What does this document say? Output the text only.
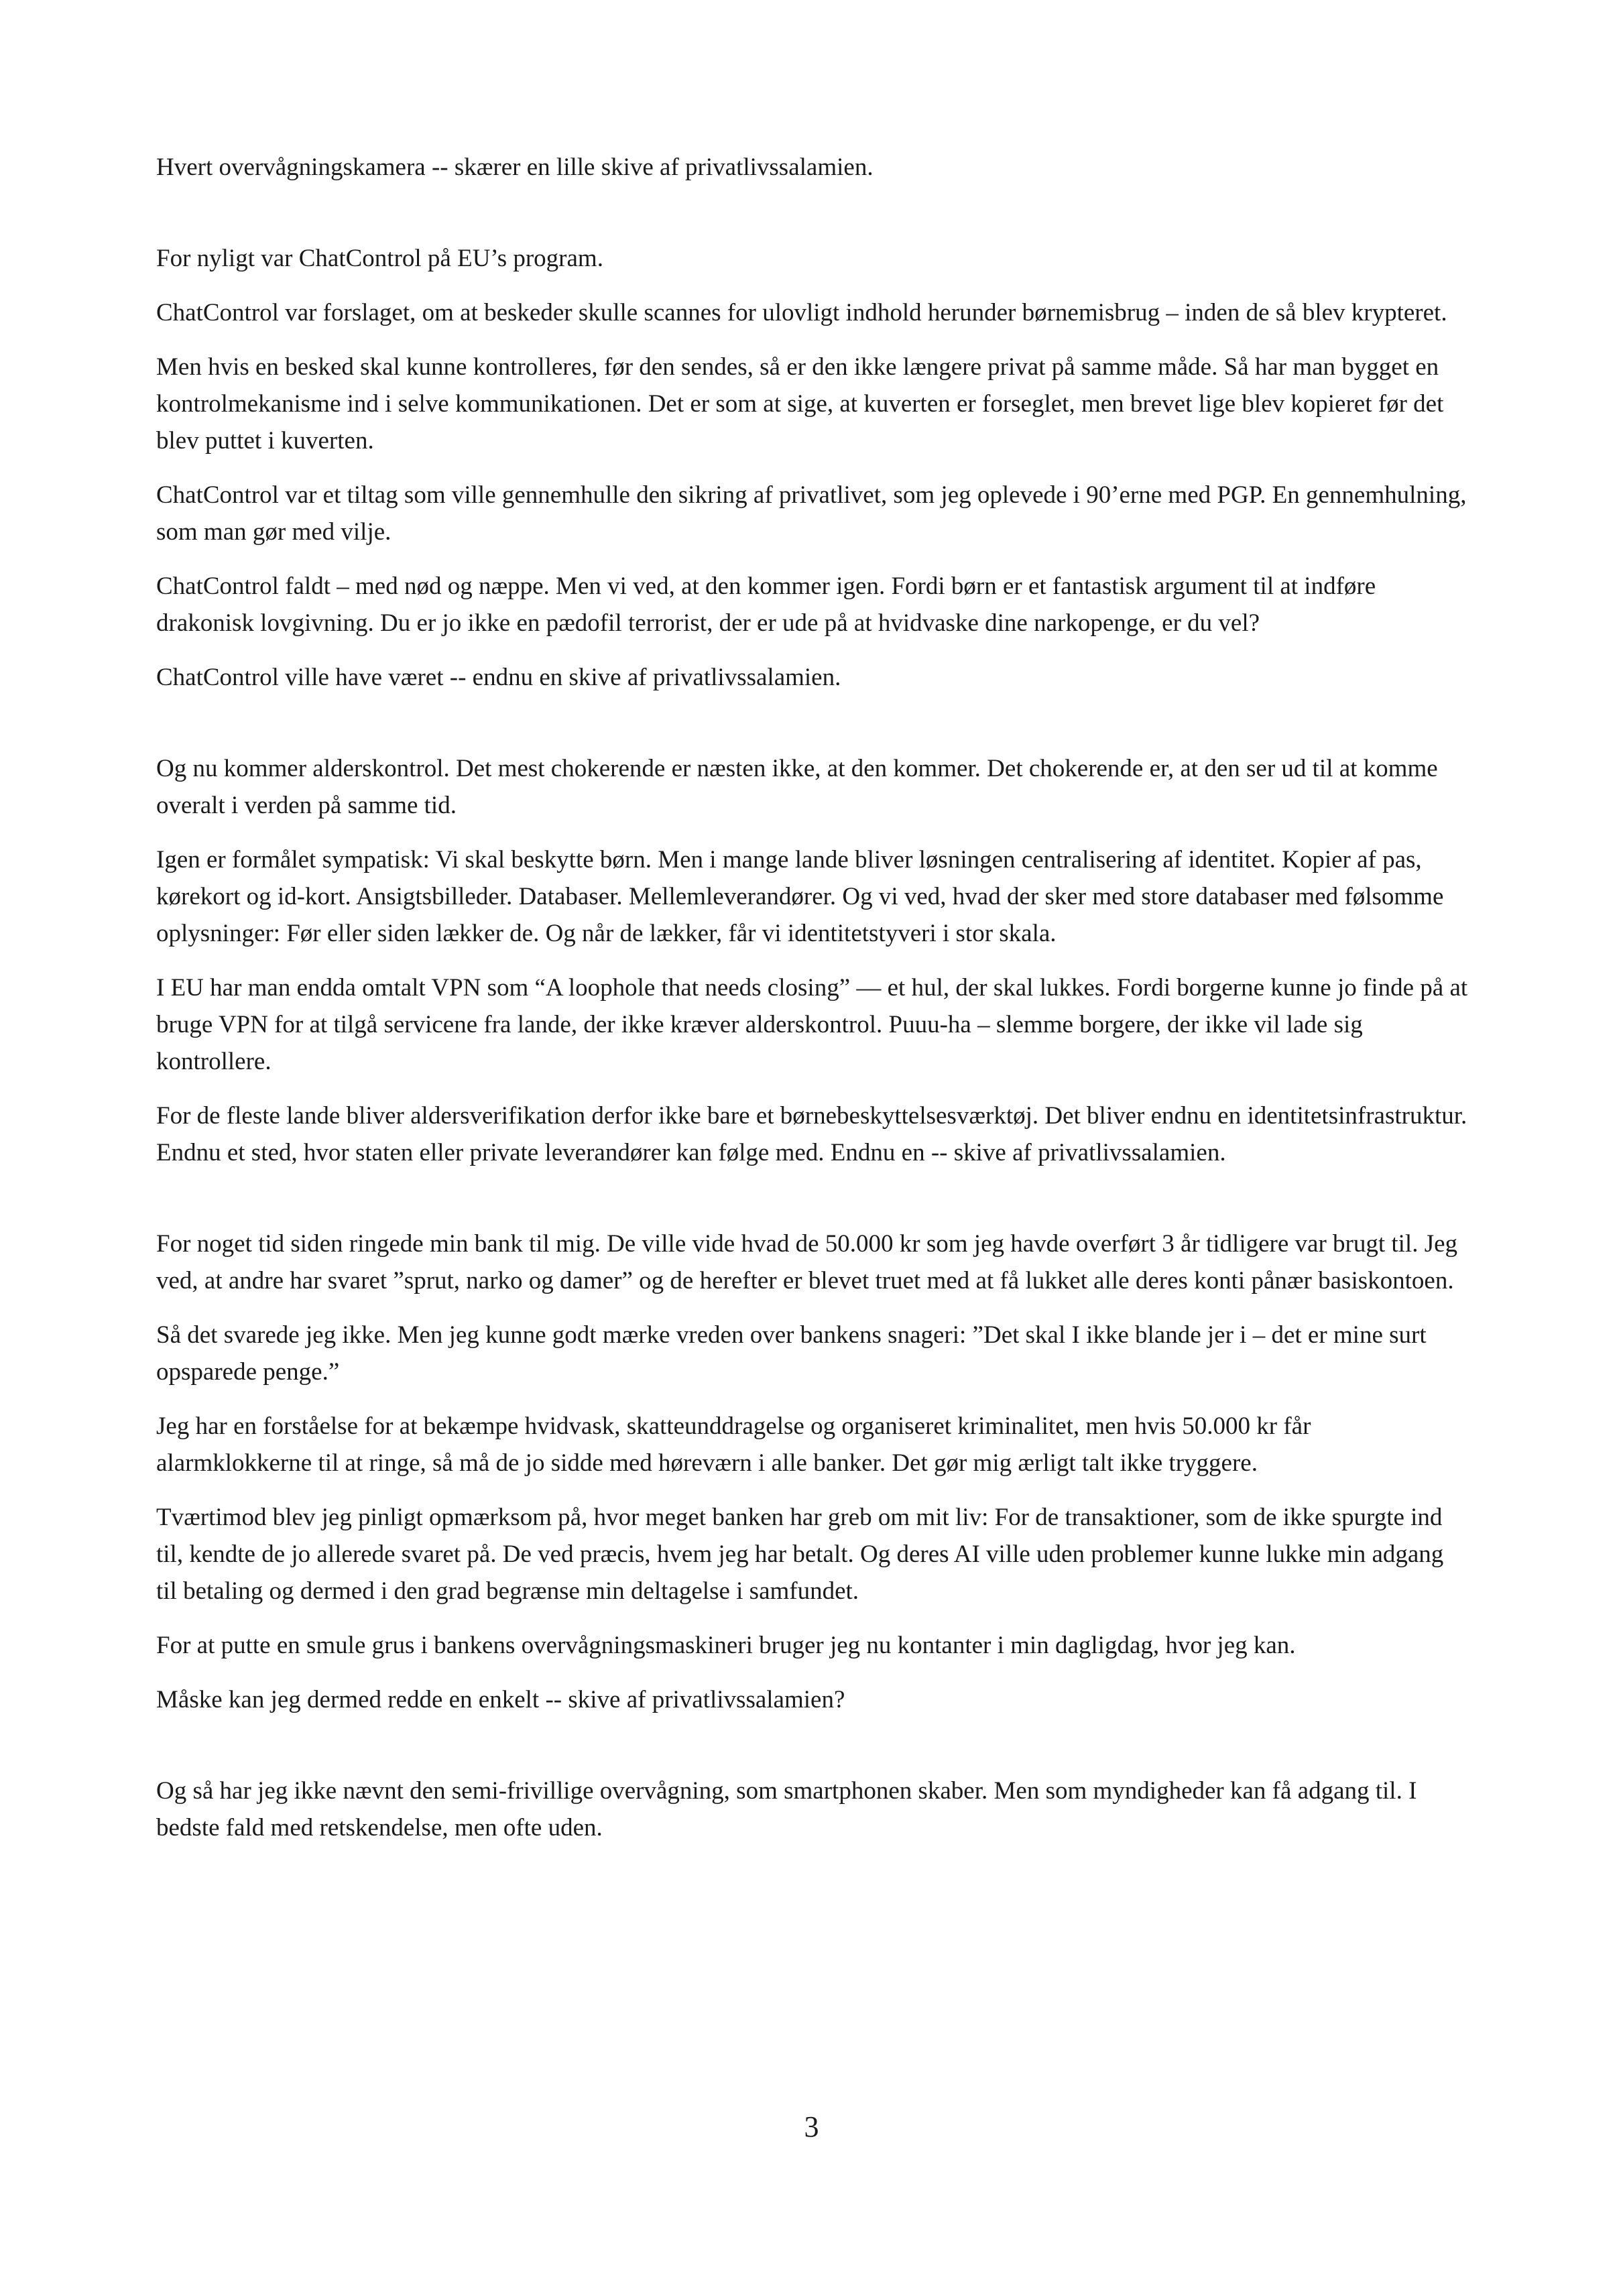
Hvert overvågningskamera -- skærer en lille skive af privatlivssalamien.

For nyligt var ChatControl på EU’s program.

ChatControl var forslaget, om at beskeder skulle scannes for ulovligt indhold herunder børnemisbrug – inden de så blev krypteret.

Men hvis en besked skal kunne kontrolleres, før den sendes, så er den ikke længere privat på samme måde. Så har man bygget en kontrolmekanisme ind i selve kommunikationen. Det er som at sige, at kuverten er forseglet, men brevet lige blev kopieret før det blev puttet i kuverten.

ChatControl var et tiltag som ville gennemhulle den sikring af privatlivet, som jeg oplevede i 90’erne med PGP. En gennemhulning, som man gør med vilje.

ChatControl faldt – med nød og næppe. Men vi ved, at den kommer igen. Fordi børn er et fantastisk argument til at indføre drakonisk lovgivning. Du er jo ikke en pædofil terrorist, der er ude på at hvidvaske dine narkopenge, er du vel?

ChatControl ville have været -- endnu en skive af privatlivssalamien.

Og nu kommer alderskontrol. Det mest chokerende er næsten ikke, at den kommer. Det chokerende er, at den ser ud til at komme overalt i verden på samme tid.

Igen er formålet sympatisk: Vi skal beskytte børn. Men i mange lande bliver løsningen centralisering af identitet. Kopier af pas, kørekort og id-kort. Ansigtsbilleder. Databaser. Mellemleverandører. Og vi ved, hvad der sker med store databaser med følsomme oplysninger: Før eller siden lækker de. Og når de lækker, får vi identitetstyveri i stor skala.

I EU har man endda omtalt VPN som “A loophole that needs closing” — et hul, der skal lukkes. Fordi borgerne kunne jo finde på at bruge VPN for at tilgå servicene fra lande, der ikke kræver alderskontrol. Puuu-ha – slemme borgere, der ikke vil lade sig kontrollere.

For de fleste lande bliver aldersverifikation derfor ikke bare et børnebeskyttelsesværktøj. Det bliver endnu en identitetsinfrastruktur. Endnu et sted, hvor staten eller private leverandører kan følge med. Endnu en -- skive af privatlivssalamien.

For noget tid siden ringede min bank til mig. De ville vide hvad de 50.000 kr som jeg havde overført 3 år tidligere var brugt til. Jeg ved, at andre har svaret ”sprut, narko og damer” og de herefter er blevet truet med at få lukket alle deres konti pånær basiskontoen.

Så det svarede jeg ikke. Men jeg kunne godt mærke vreden over bankens snageri: ”Det skal I ikke blande jer i – det er mine surt opsparede penge.”

Jeg har en forståelse for at bekæmpe hvidvask, skatteunddragelse og organiseret kriminalitet, men hvis 50.000 kr får alarmklokkerne til at ringe, så må de jo sidde med høreværn i alle banker. Det gør mig ærligt talt ikke tryggere.

Tværtimod blev jeg pinligt opmærksom på, hvor meget banken har greb om mit liv: For de transaktioner, som de ikke spurgte ind til, kendte de jo allerede svaret på. De ved præcis, hvem jeg har betalt. Og deres AI ville uden problemer kunne lukke min adgang til betaling og dermed i den grad begrænse min deltagelse i samfundet.

For at putte en smule grus i bankens overvågningsmaskineri bruger jeg nu kontanter i min dagligdag, hvor jeg kan.

Måske kan jeg dermed redde en enkelt -- skive af privatlivssalamien?

Og så har jeg ikke nævnt den semi-frivillige overvågning, som smartphonen skaber. Men som myndigheder kan få adgang til. I bedste fald med retskendelse, men ofte uden.

3
